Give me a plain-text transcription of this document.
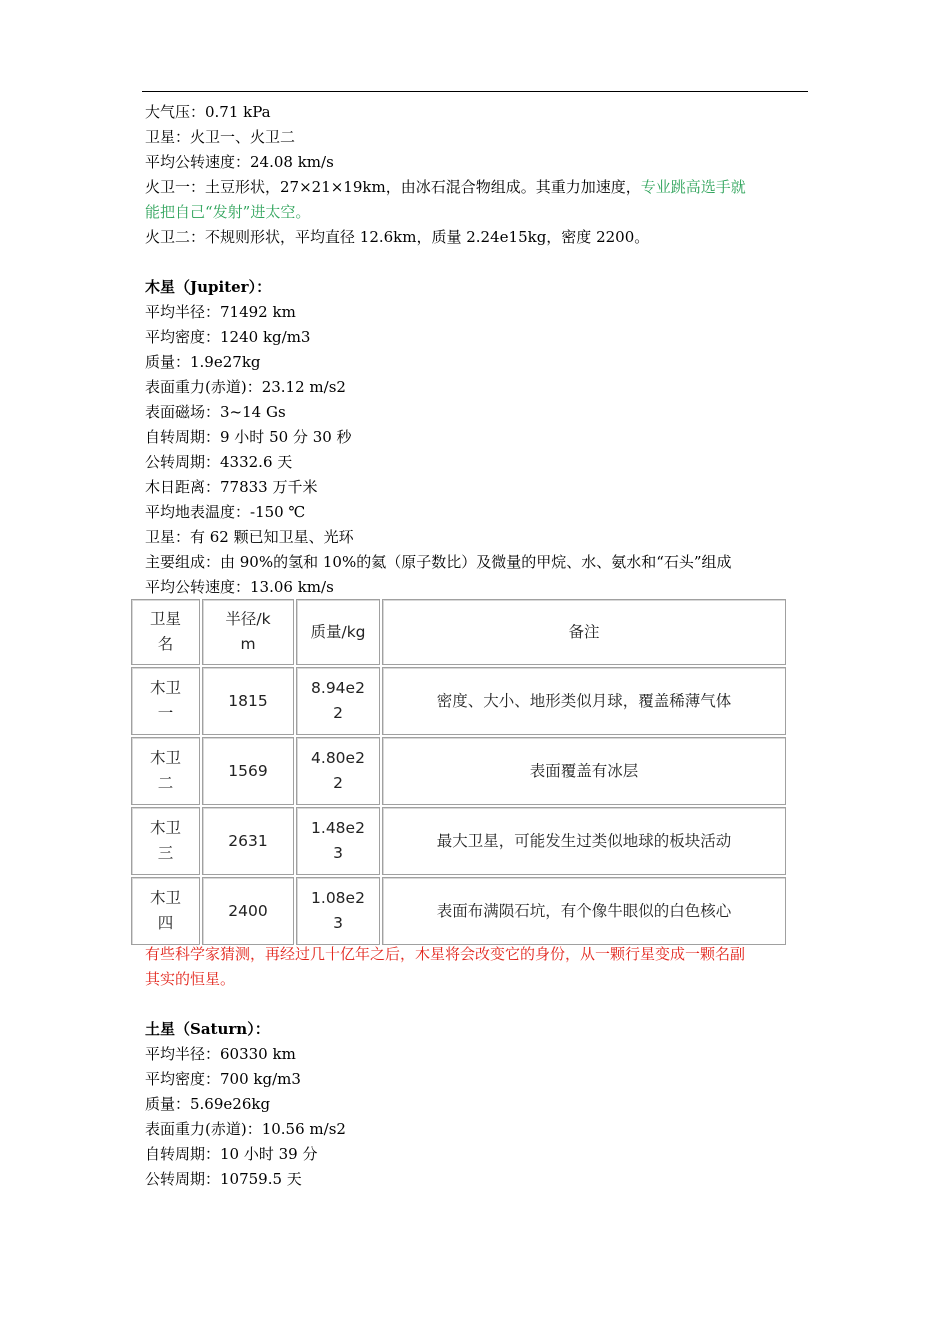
大气压：0.71 kPa
卫星：火卫一、火卫二
平均公转速度：24.08 km/s
火卫一：土豆形状，27×21×19km，由冰石混合物组成。其重力加速度，专业跳高选手就
能把自己“发射”进太空。
火卫二：不规则形状，平均直径 12.6km，质量 2.24e15kg，密度 2200。
木星（Jupiter）：
平均半径：71492 km
平均密度：1240 kg/m3
质量：1.9e27kg
表面重力(赤道)：23.12 m/s2
表面磁场：3~14 Gs
自转周期：9 小时 50 分 30 秒
公转周期：4332.6 天
木日距离：77833 万千米
平均地表温度：-150 ℃
卫星：有 62 颗已知卫星、光环
主要组成：由 90%的氢和 10%的氦（原子数比）及微量的甲烷、水、氨水和“石头”组成
平均公转速度：13.06 km/s
卫星名	半径/km	质量/kg	备注
木卫一	1815	8.94e22	密度、大小、地形类似月球，覆盖稀薄气体
木卫二	1569	4.80e22	表面覆盖有冰层
木卫三	2631	1.48e23	最大卫星，可能发生过类似地球的板块活动
木卫四	2400	1.08e23	表面布满陨石坑，有个像牛眼似的白色核心
有些科学家猜测，再经过几十亿年之后，木星将会改变它的身份，从一颗行星变成一颗名副
其实的恒星。
土星（Saturn）：
平均半径：60330 km
平均密度：700 kg/m3
质量：5.69e26kg
表面重力(赤道)：10.56 m/s2
自转周期：10 小时 39 分
公转周期：10759.5 天
